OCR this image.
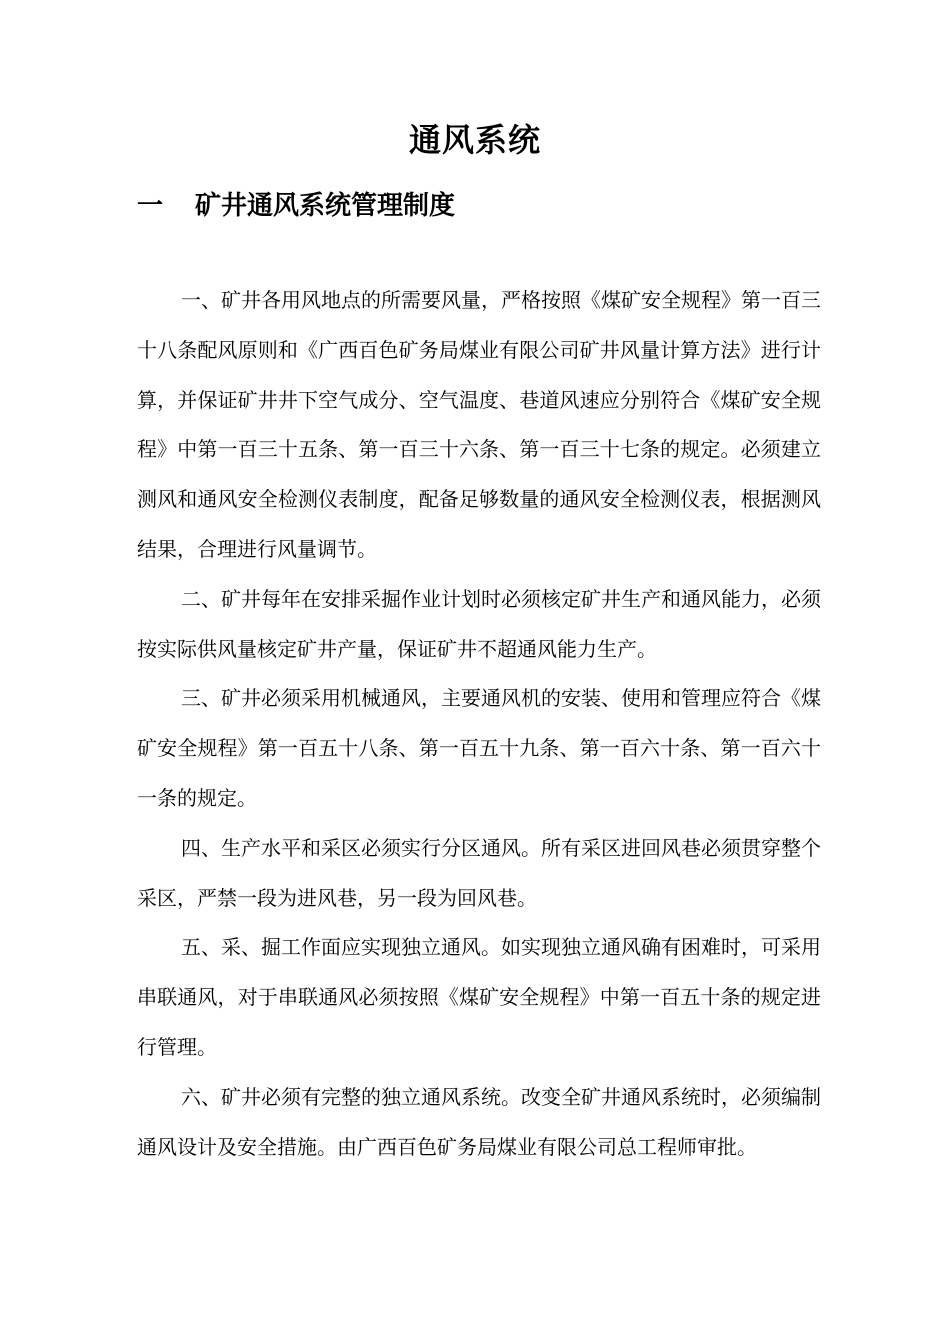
通风系统
一 矿井通风系统管理制度

一、矿井各用风地点的所需要风量，严格按照《煤矿安全规程》第一百三十八条配风原则和《广西百色矿务局煤业有限公司矿井风量计算方法》进行计算，并保证矿井井下空气成分、空气温度、巷道风速应分别符合《煤矿安全规程》中第一百三十五条、第一百三十六条、第一百三十七条的规定。必须建立测风和通风安全检测仪表制度，配备足够数量的通风安全检测仪表，根据测风结果，合理进行风量调节。

二、矿井每年在安排采掘作业计划时必须核定矿井生产和通风能力，必须按实际供风量核定矿井产量，保证矿井不超通风能力生产。

三、矿井必须采用机械通风，主要通风机的安装、使用和管理应符合《煤矿安全规程》第一百五十八条、第一百五十九条、第一百六十条、第一百六十一条的规定。

四、生产水平和采区必须实行分区通风。所有采区进回风巷必须贯穿整个采区，严禁一段为进风巷，另一段为回风巷。

五、采、掘工作面应实现独立通风。如实现独立通风确有困难时，可采用串联通风，对于串联通风必须按照《煤矿安全规程》中第一百五十条的规定进行管理。

六、矿井必须有完整的独立通风系统。改变全矿井通风系统时，必须编制通风设计及安全措施。由广西百色矿务局煤业有限公司总工程师审批。
